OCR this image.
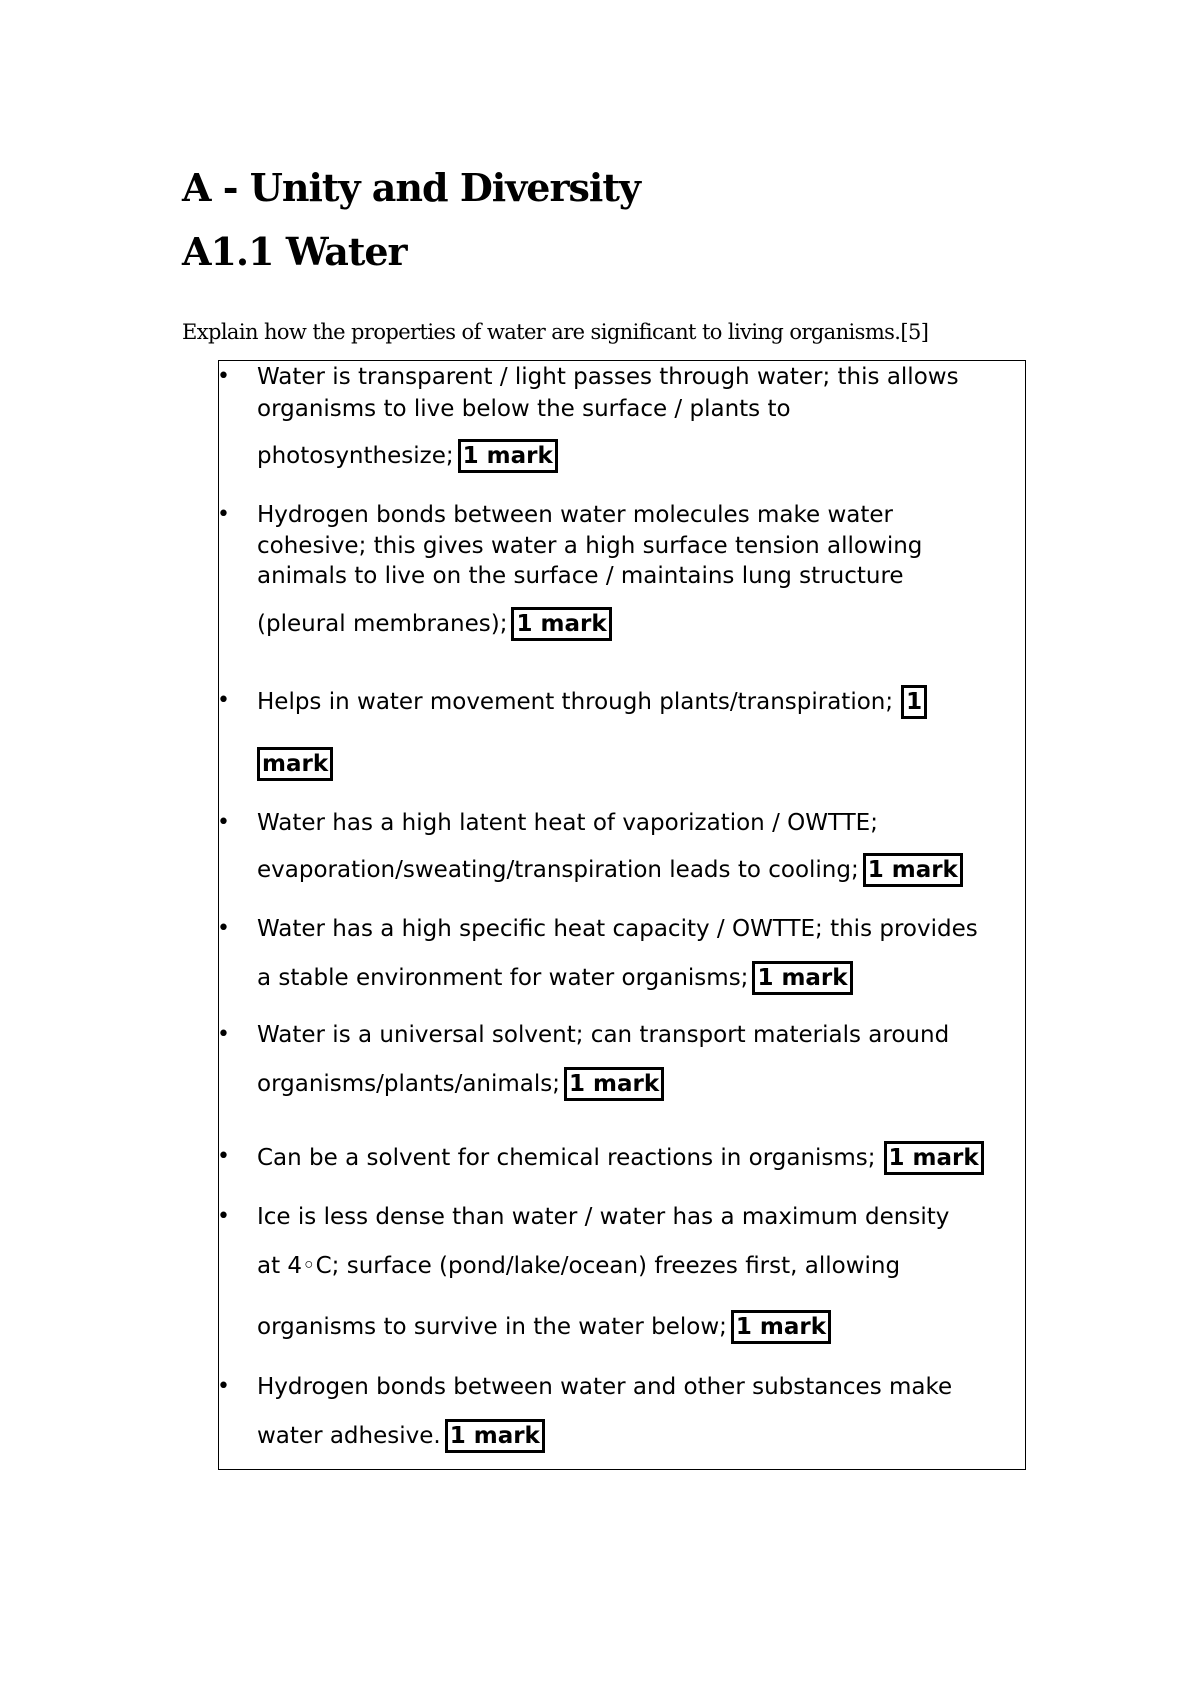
A - Unity and Diversity
A1.1 Water

Explain how the properties of water are significant to living organisms.[5]

• Water is transparent / light passes through water; this allows
organisms to live below the surface / plants to
photosynthesize; 1 mark
• Hydrogen bonds between water molecules make water
cohesive; this gives water a high surface tension allowing
animals to live on the surface / maintains lung structure
(pleural membranes); 1 mark
• Helps in water movement through plants/transpiration; 1
mark
• Water has a high latent heat of vaporization / OWTTE;
evaporation/sweating/transpiration leads to cooling; 1 mark
• Water has a high specific heat capacity / OWTTE; this provides
a stable environment for water organisms; 1 mark
• Water is a universal solvent; can transport materials around
organisms/plants/animals; 1 mark
• Can be a solvent for chemical reactions in organisms; 1 mark
• Ice is less dense than water / water has a maximum density
at 4◦C; surface (pond/lake/ocean) freezes first, allowing
organisms to survive in the water below; 1 mark
• Hydrogen bonds between water and other substances make
water adhesive. 1 mark
